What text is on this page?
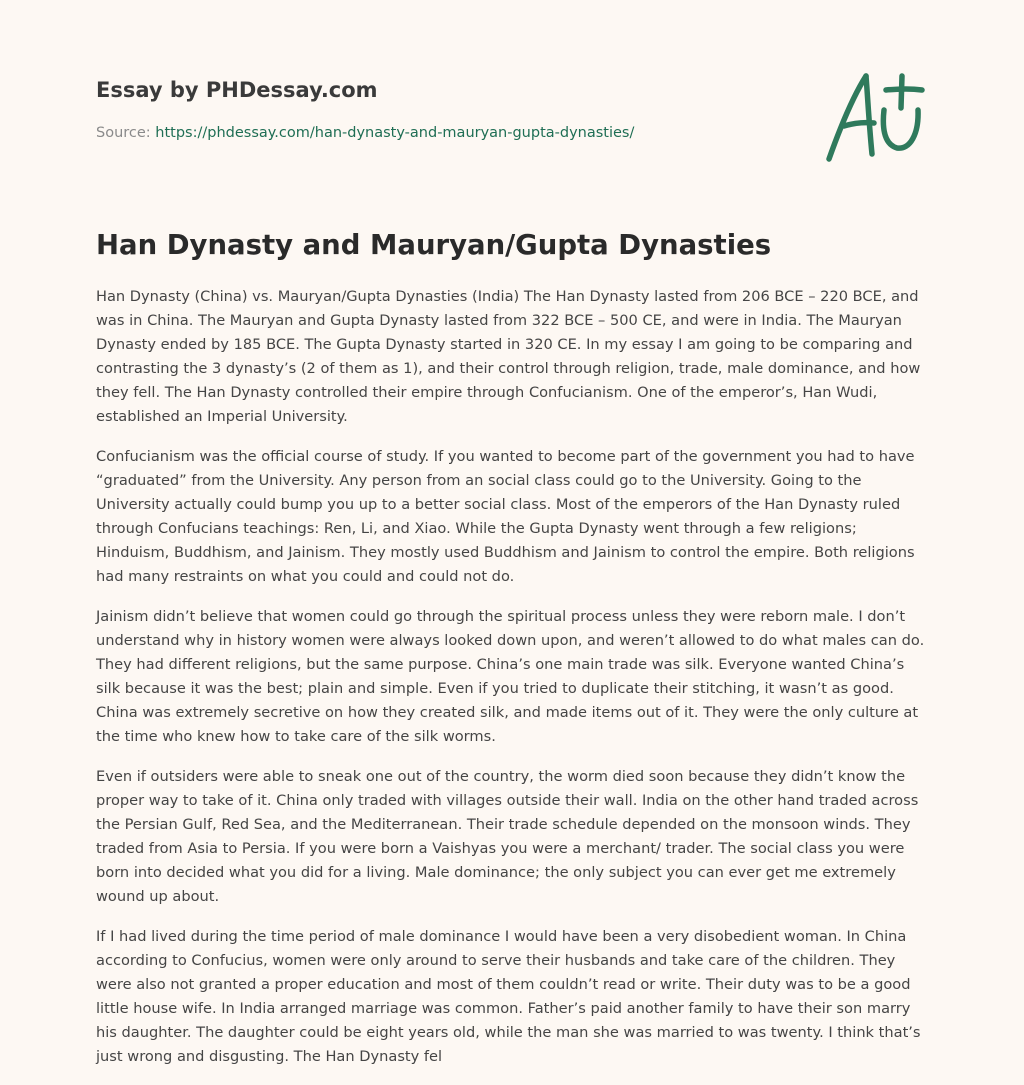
Essay by PHDessay.com
Source: https://phdessay.com/han-dynasty-and-mauryan-gupta-dynasties/
Han Dynasty and Mauryan/Gupta Dynasties

Han Dynasty (China) vs. Mauryan/Gupta Dynasties (India) The Han Dynasty lasted from 206 BCE – 220 BCE, and was in China. The Mauryan and Gupta Dynasty lasted from 322 BCE – 500 CE, and were in India. The Mauryan Dynasty ended by 185 BCE. The Gupta Dynasty started in 320 CE. In my essay I am going to be comparing and contrasting the 3 dynasty’s (2 of them as 1), and their control through religion, trade, male dominance, and how they fell. The Han Dynasty controlled their empire through Confucianism. One of the emperor’s, Han Wudi, established an Imperial University.

Confucianism was the official course of study. If you wanted to become part of the government you had to have “graduated” from the University. Any person from an social class could go to the University. Going to the University actually could bump you up to a better social class. Most of the emperors of the Han Dynasty ruled through Confucians teachings: Ren, Li, and Xiao. While the Gupta Dynasty went through a few religions; Hinduism, Buddhism, and Jainism. They mostly used Buddhism and Jainism to control the empire. Both religions had many restraints on what you could and could not do.

Jainism didn’t believe that women could go through the spiritual process unless they were reborn male. I don’t understand why in history women were always looked down upon, and weren’t allowed to do what males can do. They had different religions, but the same purpose. China’s one main trade was silk. Everyone wanted China’s silk because it was the best; plain and simple. Even if you tried to duplicate their stitching, it wasn’t as good. China was extremely secretive on how they created silk, and made items out of it. They were the only culture at the time who knew how to take care of the silk worms.

Even if outsiders were able to sneak one out of the country, the worm died soon because they didn’t know the proper way to take of it. China only traded with villages outside their wall. India on the other hand traded across the Persian Gulf, Red Sea, and the Mediterranean. Their trade schedule depended on the monsoon winds. They traded from Asia to Persia. If you were born a Vaishyas you were a merchant/ trader. The social class you were born into decided what you did for a living. Male dominance; the only subject you can ever get me extremely wound up about.

If I had lived during the time period of male dominance I would have been a very disobedient woman. In China according to Confucius, women were only around to serve their husbands and take care of the children. They were also not granted a proper education and most of them couldn’t read or write. Their duty was to be a good little house wife. In India arranged marriage was common. Father’s paid another family to have their son marry his daughter. The daughter could be eight years old, while the man she was married to was twenty. I think that’s just wrong and disgusting. The Han Dynasty fel
